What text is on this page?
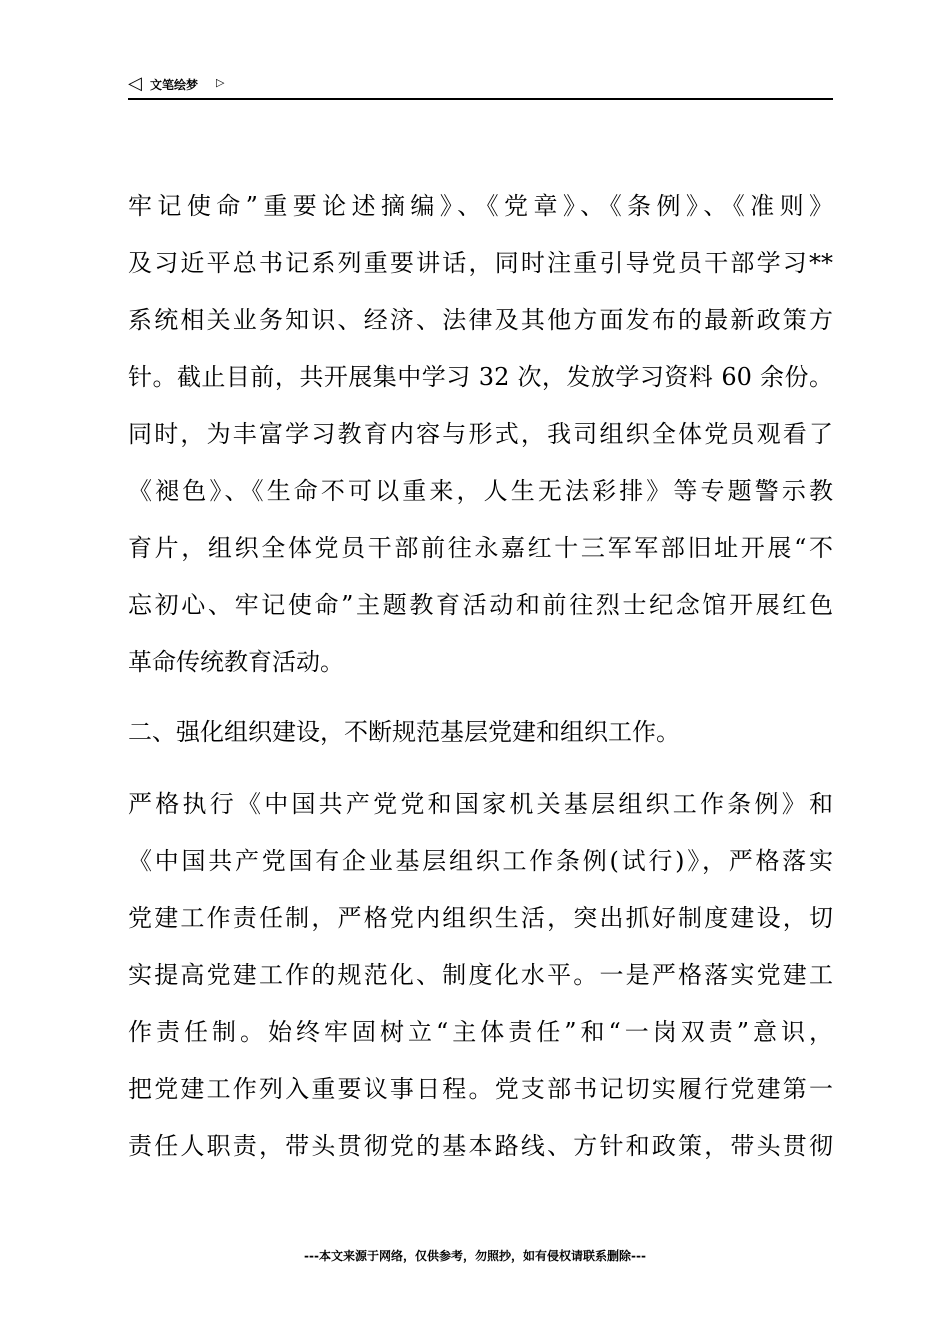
◁ 文笔绘梦 ▷
牢记使命”重要论述摘编》、《党章》、《条例》、《准则》
及习近平总书记系列重要讲话，同时注重引导党员干部学习**
系统相关业务知识、经济、法律及其他方面发布的最新政策方
针。截止目前，共开展集中学习 32 次，发放学习资料 60 余份。
同时，为丰富学习教育内容与形式，我司组织全体党员观看了
《褪色》、《生命不可以重来，人生无法彩排》等专题警示教
育片，组织全体党员干部前往永嘉红十三军军部旧址开展“不
忘初心、牢记使命”主题教育活动和前往烈士纪念馆开展红色
革命传统教育活动。
二、强化组织建设，不断规范基层党建和组织工作。
严格执行《中国共产党党和国家机关基层组织工作条例》和
《中国共产党国有企业基层组织工作条例(试行)》，严格落实
党建工作责任制，严格党内组织生活，突出抓好制度建设，切
实提高党建工作的规范化、制度化水平。一是严格落实党建工
作责任制。始终牢固树立“主体责任”和“一岗双责”意识，
把党建工作列入重要议事日程。党支部书记切实履行党建第一
责任人职责，带头贯彻党的基本路线、方针和政策，带头贯彻
---本文来源于网络，仅供参考，勿照抄，如有侵权请联系删除---
